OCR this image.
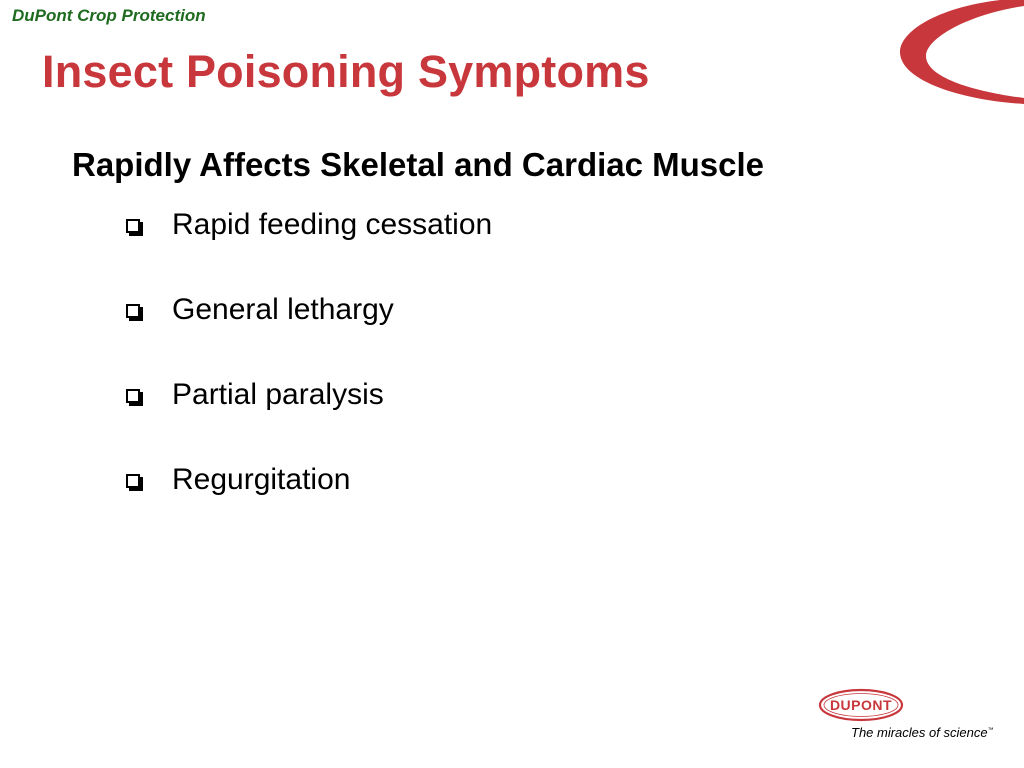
DuPont Crop Protection
Insect Poisoning Symptoms
Rapidly Affects Skeletal and Cardiac Muscle
Rapid feeding cessation
General lethargy
Partial paralysis
Regurgitation
DUPONT
The miracles of science™
